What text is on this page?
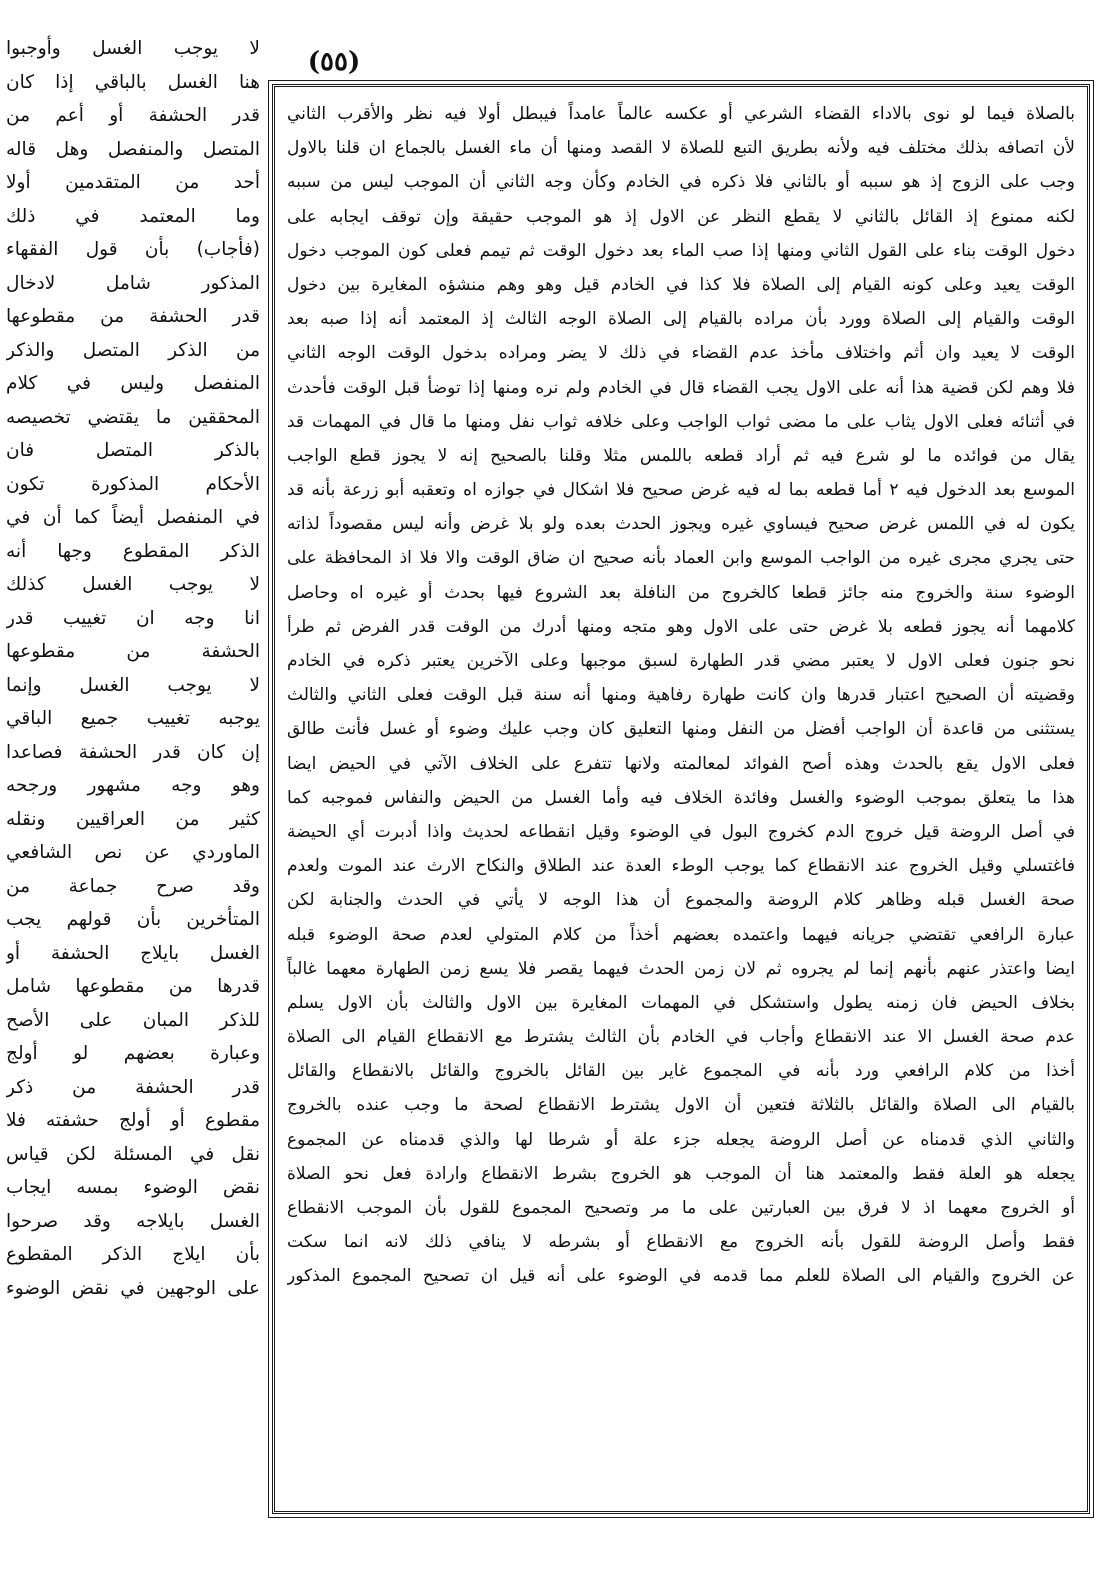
(٥٥)
لا يوجب الغسل وأوجبوا
هنا الغسل بالباقي إذا كان
قدر الحشفة أو أعم من
المتصل والمنفصل وهل قاله
أحد من المتقدمين أولا
وما المعتمد في ذلك
(فأجاب) بأن قول الفقهاء
المذكور شامل لادخال
قدر الحشفة من مقطوعها
من الذكر المتصل والذكر
المنفصل وليس في كلام
المحققين ما يقتضي تخصيصه
بالذكر المتصل فان
الأحكام المذكورة تكون
في المنفصل أيضاً كما أن في
الذكر المقطوع وجها أنه
لا يوجب الغسل كذلك
انا وجه ان تغييب قدر
الحشفة من مقطوعها
لا يوجب الغسل وإنما
يوجبه تغييب جميع الباقي
إن كان قدر الحشفة فصاعدا
وهو وجه مشهور ورجحه
كثير من العراقيين ونقله
الماوردي عن نص الشافعي
وقد صرح جماعة من
المتأخرين بأن قولهم يجب
الغسل بايلاج الحشفة أو
قدرها من مقطوعها شامل
للذكر المبان على الأصح
وعبارة بعضهم لو أولج
قدر الحشفة من ذكر
مقطوع أو أولج حشفته فلا
نقل في المسئلة لكن قياس
نقض الوضوء بمسه ايجاب
الغسل بايلاجه وقد صرحوا
بأن ايلاج الذكر المقطوع
على الوجهين في نقض الوضوء
بالصلاة فيما لو نوى بالاداء القضاء الشرعي أو عكسه عالماً عامداً فيبطل أولا فيه نظر والأقرب الثاني
لأن اتصافه بذلك مختلف فيه ولأنه بطريق التبع للصلاة لا القصد ومنها أن ماء الغسل بالجماع ان قلنا بالاول
وجب على الزوج إذ هو سببه أو بالثاني فلا ذكره في الخادم وكأن وجه الثاني أن الموجب ليس من سببه
لكنه ممنوع إذ القائل بالثاني لا يقطع النظر عن الاول إذ هو الموجب حقيقة وإن توقف ايجابه على
دخول الوقت بناء على القول الثاني ومنها إذا صب الماء بعد دخول الوقت ثم تيمم فعلى كون الموجب دخول
الوقت يعيد وعلى كونه القيام إلى الصلاة فلا كذا في الخادم قيل وهو وهم منشؤه المغايرة بين دخول
الوقت والقيام إلى الصلاة وورد بأن مراده بالقيام إلى الصلاة الوجه الثالث إذ المعتمد أنه إذا صبه بعد
الوقت لا يعيد وان أثم واختلاف مأخذ عدم القضاء في ذلك لا يضر ومراده بدخول الوقت الوجه الثاني
فلا وهم لكن قضية هذا أنه على الاول يجب القضاء قال في الخادم ولم نره ومنها إذا توضأ قبل الوقت فأحدث
في أثنائه فعلى الاول يثاب على ما مضى ثواب الواجب وعلى خلافه ثواب نفل ومنها ما قال في المهمات قد
يقال من فوائده ما لو شرع فيه ثم أراد قطعه باللمس مثلا وقلنا بالصحيح إنه لا يجوز قطع الواجب
الموسع بعد الدخول فيه ٢ أما قطعه بما له فيه غرض صحيح فلا اشكال في جوازه اه وتعقبه أبو زرعة بأنه قد
يكون له في اللمس غرض صحيح فيساوي غيره ويجوز الحدث بعده ولو بلا غرض وأنه ليس مقصوداً لذاته
حتى يجري مجرى غيره من الواجب الموسع وابن العماد بأنه صحيح ان ضاق الوقت والا فلا اذ المحافظة على
الوضوء سنة والخروج منه جائز قطعا كالخروج من النافلة بعد الشروع فيها بحدث أو غيره اه وحاصل
كلامهما أنه يجوز قطعه بلا غرض حتى على الاول وهو متجه ومنها أدرك من الوقت قدر الفرض ثم طرأ
نحو جنون فعلى الاول لا يعتبر مضي قدر الطهارة لسبق موجبها وعلى الآخرين يعتبر ذكره في الخادم
وقضيته أن الصحيح اعتبار قدرها وان كانت طهارة رفاهية ومنها أنه سنة قبل الوقت فعلى الثاني والثالث
يستثنى من قاعدة أن الواجب أفضل من النفل ومنها التعليق كان وجب عليك وضوء أو غسل فأنت طالق
فعلى الاول يقع بالحدث وهذه أصح الفوائد لمعالمته ولانها تتفرع على الخلاف الآتي في الحيض ايضا
هذا ما يتعلق بموجب الوضوء والغسل وفائدة الخلاف فيه وأما الغسل من الحيض والنفاس فموجبه كما
في أصل الروضة قيل خروج الدم كخروج البول في الوضوء وقيل انقطاعه لحديث واذا أدبرت أي الحيضة
فاغتسلي وقيل الخروج عند الانقطاع كما يوجب الوطء العدة عند الطلاق والنكاح الارث عند الموت ولعدم
صحة الغسل قبله وظاهر كلام الروضة والمجموع أن هذا الوجه لا يأتي في الحدث والجنابة لكن
عبارة الرافعي تقتضي جريانه فيهما واعتمده بعضهم أخذاً من كلام المتولي لعدم صحة الوضوء قبله
ايضا واعتذر عنهم بأنهم إنما لم يجروه ثم لان زمن الحدث فيهما يقصر فلا يسع زمن الطهارة معهما غالباً
بخلاف الحيض فان زمنه يطول واستشكل في المهمات المغايرة بين الاول والثالث بأن الاول يسلم
عدم صحة الغسل الا عند الانقطاع وأجاب في الخادم بأن الثالث يشترط مع الانقطاع القيام الى الصلاة
أخذا من كلام الرافعي ورد بأنه في المجموع غاير بين القائل بالخروج والقائل بالانقطاع والقائل
بالقيام الى الصلاة والقائل بالثلاثة فتعين أن الاول يشترط الانقطاع لصحة ما وجب عنده بالخروج
والثاني الذي قدمناه عن أصل الروضة يجعله جزء علة أو شرطا لها والذي قدمناه عن المجموع
يجعله هو العلة فقط والمعتمد هنا أن الموجب هو الخروج بشرط الانقطاع وارادة فعل نحو الصلاة
أو الخروج معهما اذ لا فرق بين العبارتين على ما مر وتصحيح المجموع للقول بأن الموجب الانقطاع
فقط وأصل الروضة للقول بأنه الخروج مع الانقطاع أو بشرطه لا ينافي ذلك لانه انما سكت
عن الخروج والقيام الى الصلاة للعلم مما قدمه في الوضوء على أنه قيل ان تصحيح المجموع المذكور
